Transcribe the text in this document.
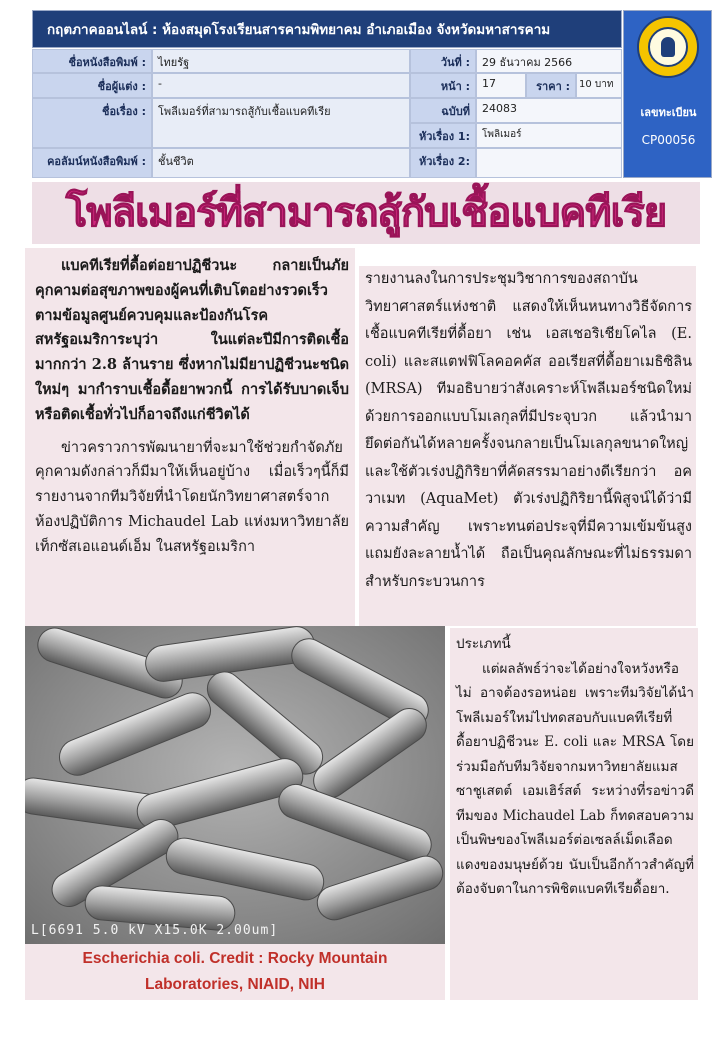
กฤตภาคออนไลน์ : ห้องสมุดโรงเรียนสารคามพิทยาคม อำเภอเมือง จังหวัดมหาสารคาม
ชื่อหนังสือพิมพ์ :	ไทยรัฐ	วันที่ :	29 ธันวาคม 2566
ชื่อผู้แต่ง :	-	หน้า :	17	ราคา : 10 บาท
ชื่อเรื่อง :	โพลีเมอร์ที่สามารถสู้กับเชื้อแบคทีเรีย	ฉบับที่	24083
หัวเรื่อง 1:	โพลิเมอร์
คอลัมน์หนังสือพิมพ์ :	ชั้นชีวิต	หัวเรื่อง 2:
เลขทะเบียน
CP00056
โพลีเมอร์ที่สามารถสู้กับเชื้อแบคทีเรีย

แบคทีเรียที่ดื้อต่อยาปฏิชีวนะ กลายเป็นภัยคุกคามต่อสุขภาพของผู้คนที่เติบโตอย่างรวดเร็ว ตามข้อมูลศูนย์ควบคุมและป้องกันโรคสหรัฐอเมริการะบุว่า ในแต่ละปีมีการติดเชื้อมากกว่า 2.8 ล้านราย ซึ่งหากไม่มียาปฏิชีวนะชนิดใหม่ๆ มากำราบเชื้อดื้อยาพวกนี้ การได้รับบาดเจ็บหรือติดเชื้อทั่วไปก็อาจถึงแก่ชีวิตได้

ข่าวคราวการพัฒนายาที่จะมาใช้ช่วยกำจัดภัยคุกคามดังกล่าวก็มีมาให้เห็นอยู่บ้าง เมื่อเร็วๆนี้ก็มีรายงานจากทีมวิจัยที่นำโดยนักวิทยาศาสตร์จากห้องปฏิบัติการ Michaudel Lab แห่งมหาวิทยาลัยเท็กซัสเอแอนด์เอ็ม ในสหรัฐอเมริกา

รายงานลงในการประชุมวิชาการของสถาบันวิทยาศาสตร์แห่งชาติ แสดงให้เห็นหนทางวิธีจัดการเชื้อแบคทีเรียที่ดื้อยา เช่น เอสเชอริเชียโคไล (E. coli) และสแตฟฟิโลคอคคัส ออเรียสที่ดื้อยาเมธิซิลิน (MRSA) ทีมอธิบายว่าสังเคราะห์โพลีเมอร์ชนิดใหม่ด้วยการออกแบบโมเลกุลที่มีประจุบวก แล้วนำมายึดต่อกันได้หลายครั้งจนกลายเป็นโมเลกุลขนาดใหญ่ และใช้ตัวเร่งปฏิกิริยาที่คัดสรรมาอย่างดีเรียกว่า อควาเมท (AquaMet) ตัวเร่งปฏิกิริยานี้พิสูจน์ได้ว่ามีความสำคัญ เพราะทนต่อประจุที่มีความเข้มข้นสูงแถมยังละลายน้ำได้ ถือเป็นคุณลักษณะที่ไม่ธรรมดาสำหรับกระบวนการ

L[6691 5.0 kV X15.0K 2.00um]
Escherichia coli. Credit : Rocky Mountain
Laboratories, NIAID, NIH

ประเภทนี้

แต่ผลลัพธ์ว่าจะได้อย่างใจหวังหรือไม่ อาจต้องรอหน่อย เพราะทีมวิจัยได้นำโพลีเมอร์ใหม่ไปทดสอบกับแบคทีเรียที่ดื้อยาปฏิชีวนะ E. coli และ MRSA โดยร่วมมือกับทีมวิจัยจากมหาวิทยาลัยแมสซาชูเสตต์ เอมเฮิร์สต์ ระหว่างที่รอข่าวดี ทีมของ Michaudel Lab ก็ทดสอบความเป็นพิษของโพลีเมอร์ต่อเซลล์เม็ดเลือดแดงของมนุษย์ด้วย นับเป็นอีกก้าวสำคัญที่ต้องจับตาในการพิชิตแบคทีเรียดื้อยา.
